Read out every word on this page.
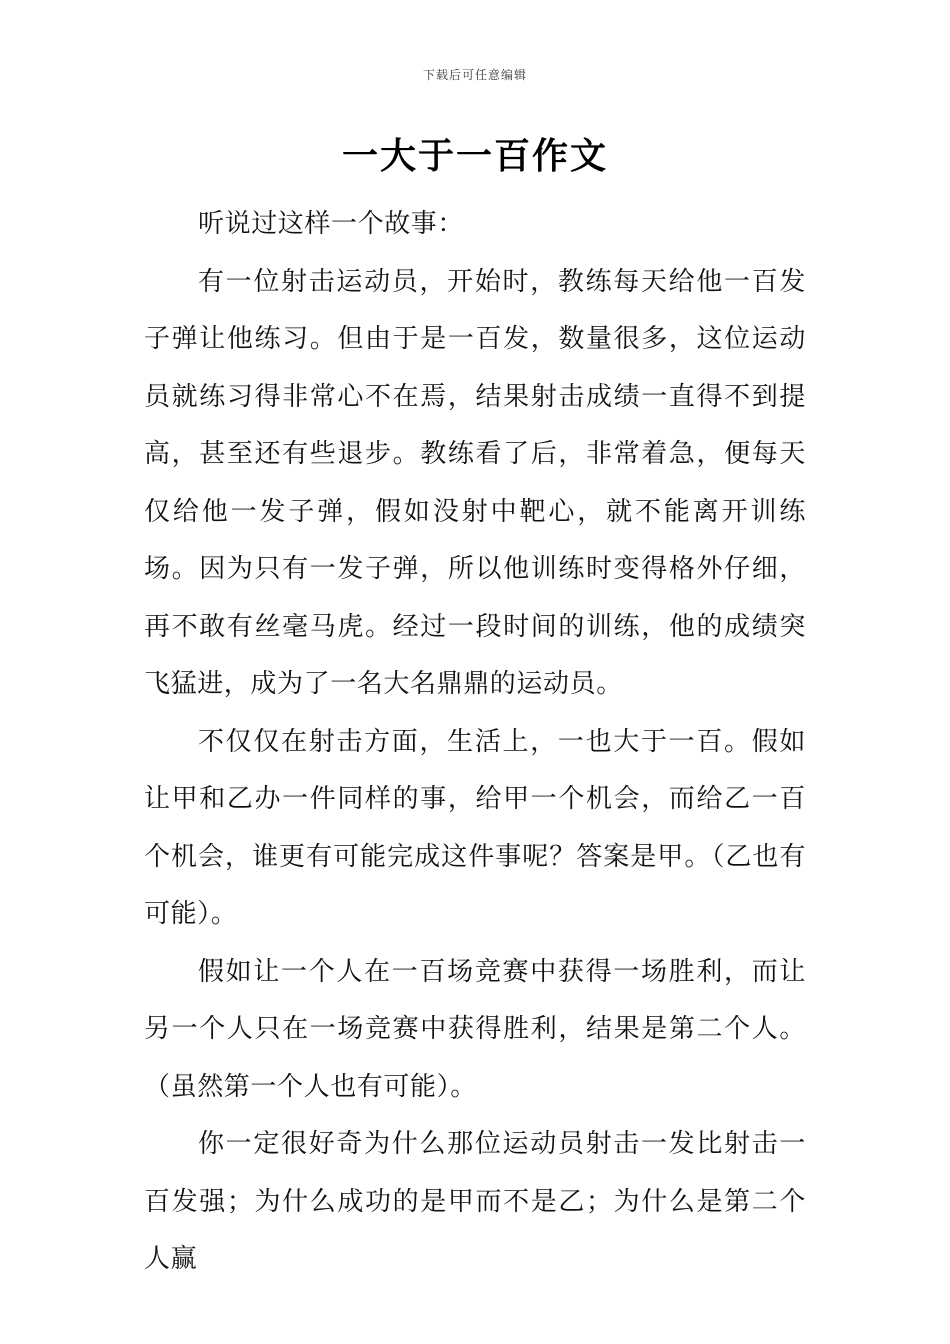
下载后可任意编辑
一大于一百作文

听说过这样一个故事：

有一位射击运动员，开始时，教练每天给他一百发子弹让他练习。但由于是一百发，数量很多，这位运动员就练习得非常心不在焉，结果射击成绩一直得不到提高，甚至还有些退步。教练看了后，非常着急，便每天仅给他一发子弹，假如没射中靶心，就不能离开训练场。因为只有一发子弹，所以他训练时变得格外仔细，再不敢有丝毫马虎。经过一段时间的训练，他的成绩突飞猛进，成为了一名大名鼎鼎的运动员。

不仅仅在射击方面，生活上，一也大于一百。假如让甲和乙办一件同样的事，给甲一个机会，而给乙一百个机会，谁更有可能完成这件事呢？答案是甲。（乙也有可能）。

假如让一个人在一百场竞赛中获得一场胜利，而让另一个人只在一场竞赛中获得胜利，结果是第二个人。（虽然第一个人也有可能）。

你一定很好奇为什么那位运动员射击一发比射击一百发强；为什么成功的是甲而不是乙；为什么是第二个人赢
